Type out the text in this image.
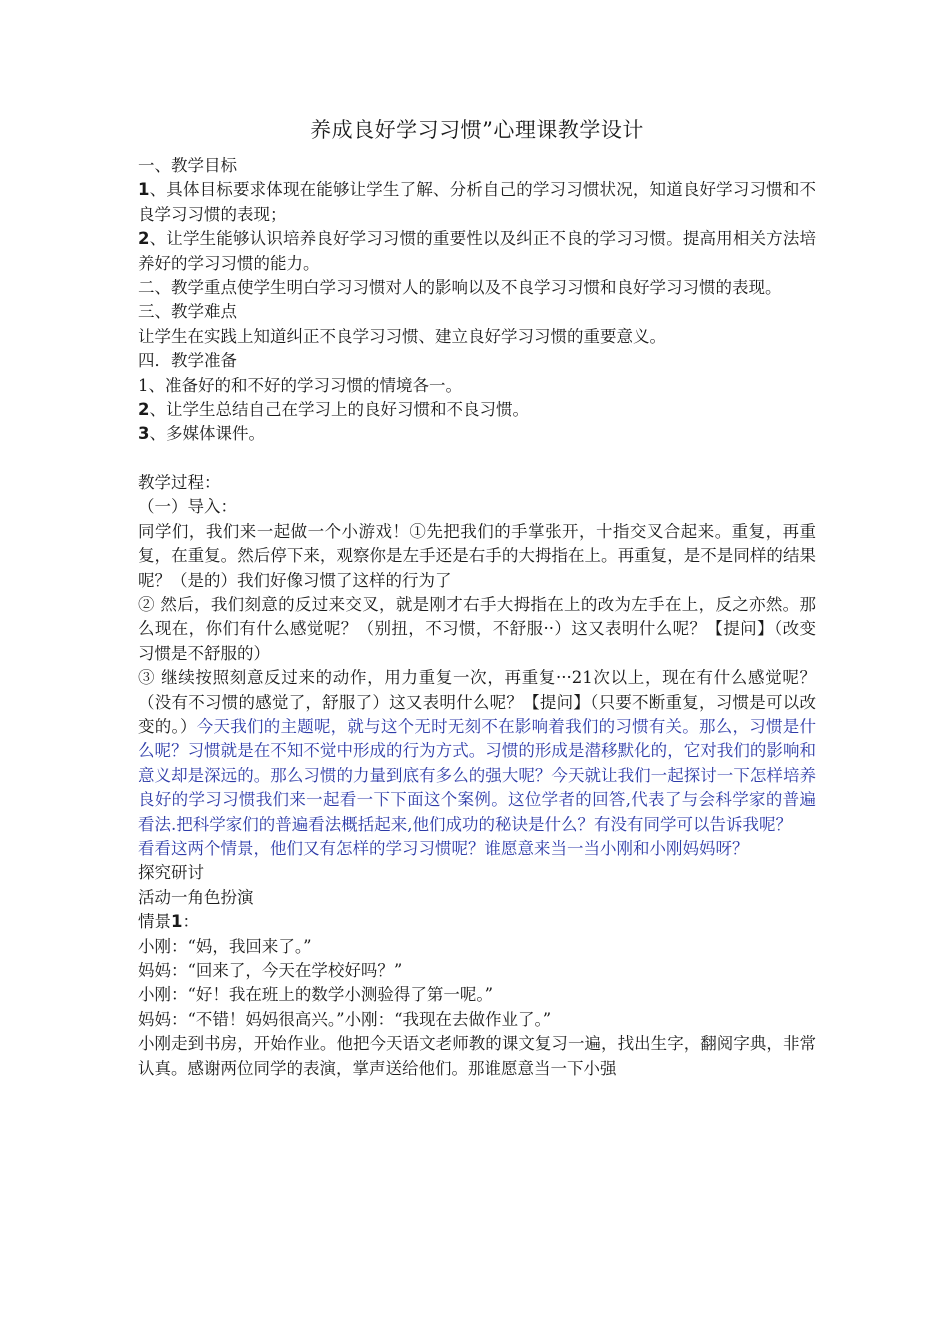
养成良好学习习惯”心理课教学设计

一、教学目标

1、具体目标要求体现在能够让学生了解、分析自己的学习习惯状况，知道良好学习习惯和不良学习习惯的表现；

2、让学生能够认识培养良好学习习惯的重要性以及纠正不良的学习习惯。提高用相关方法培养好的学习习惯的能力。

二、教学重点使学生明白学习习惯对人的影响以及不良学习习惯和良好学习习惯的表现。

三、教学难点

让学生在实践上知道纠正不良学习习惯、建立良好学习习惯的重要意义。

四．教学准备

1、准备好的和不好的学习习惯的情境各一。

2、让学生总结自己在学习上的良好习惯和不良习惯。

3、多媒体课件。

教学过程：

（一）导入：

同学们，我们来一起做一个小游戏！①先把我们的手掌张开，十指交叉合起来。重复，再重复，在重复。然后停下来，观察你是左手还是右手的大拇指在上。再重复，是不是同样的结果呢？（是的）我们好像习惯了这样的行为了

② 然后，我们刻意的反过来交叉，就是刚才右手大拇指在上的改为左手在上，反之亦然。那么现在，你们有什么感觉呢？（别扭，不习惯，不舒服··）这又表明什么呢？【提问】（改变习惯是不舒服的）

③ 继续按照刻意反过来的动作，用力重复一次，再重复···21次以上，现在有什么感觉呢？（没有不习惯的感觉了，舒服了）这又表明什么呢？【提问】（只要不断重复，习惯是可以改变的。）今天我们的主题呢，就与这个无时无刻不在影响着我们的习惯有关。那么，习惯是什么呢？习惯就是在不知不觉中形成的行为方式。习惯的形成是潜移默化的，它对我们的影响和意义却是深远的。那么习惯的力量到底有多么的强大呢？今天就让我们一起探讨一下怎样培养良好的学习习惯我们来一起看一下下面这个案例。这位学者的回答,代表了与会科学家的普遍看法.把科学家们的普遍看法概括起来,他们成功的秘诀是什么？有没有同学可以告诉我呢？

看看这两个情景，他们又有怎样的学习习惯呢？谁愿意来当一当小刚和小刚妈妈呀？

探究研讨

活动一角色扮演

情景1：

小刚：“妈，我回来了。”

妈妈：“回来了，今天在学校好吗？”

小刚：“好！我在班上的数学小测验得了第一呢。”

妈妈：“不错！妈妈很高兴。”小刚：“我现在去做作业了。”

小刚走到书房，开始作业。他把今天语文老师教的课文复习一遍，找出生字，翻阅字典，非常认真。感谢两位同学的表演，掌声送给他们。那谁愿意当一下小强
